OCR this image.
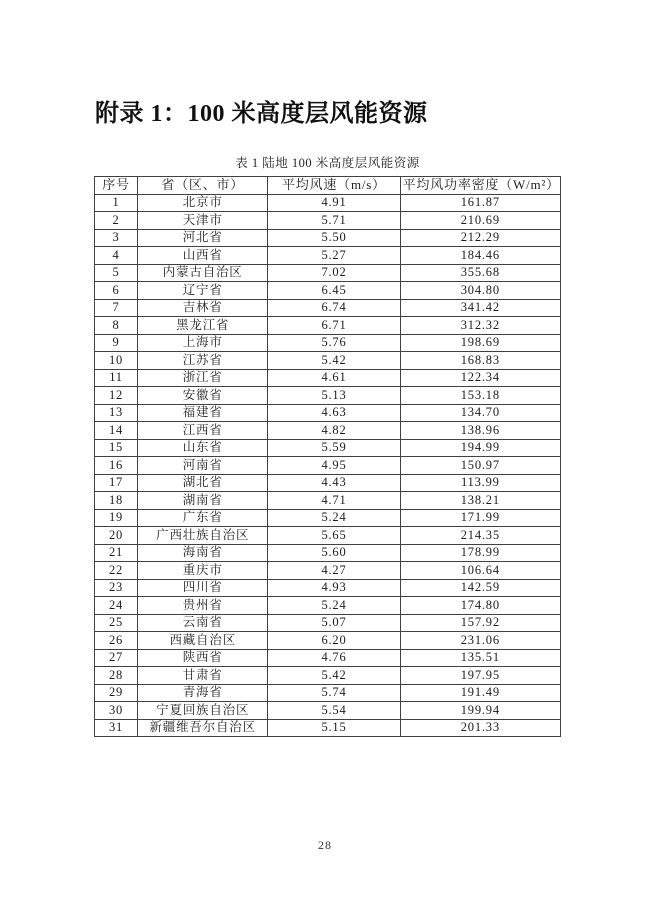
附录 1：100 米高度层风能资源
表 1 陆地 100 米高度层风能资源
序号	省（区、市）	平均风速（m/s）	平均风功率密度（W/m²）
1	北京市	4.91	161.87
2	天津市	5.71	210.69
3	河北省	5.50	212.29
4	山西省	5.27	184.46
5	内蒙古自治区	7.02	355.68
6	辽宁省	6.45	304.80
7	吉林省	6.74	341.42
8	黑龙江省	6.71	312.32
9	上海市	5.76	198.69
10	江苏省	5.42	168.83
11	浙江省	4.61	122.34
12	安徽省	5.13	153.18
13	福建省	4.63	134.70
14	江西省	4.82	138.96
15	山东省	5.59	194.99
16	河南省	4.95	150.97
17	湖北省	4.43	113.99
18	湖南省	4.71	138.21
19	广东省	5.24	171.99
20	广西壮族自治区	5.65	214.35
21	海南省	5.60	178.99
22	重庆市	4.27	106.64
23	四川省	4.93	142.59
24	贵州省	5.24	174.80
25	云南省	5.07	157.92
26	西藏自治区	6.20	231.06
27	陕西省	4.76	135.51
28	甘肃省	5.42	197.95
29	青海省	5.74	191.49
30	宁夏回族自治区	5.54	199.94
31	新疆维吾尔自治区	5.15	201.33
28
